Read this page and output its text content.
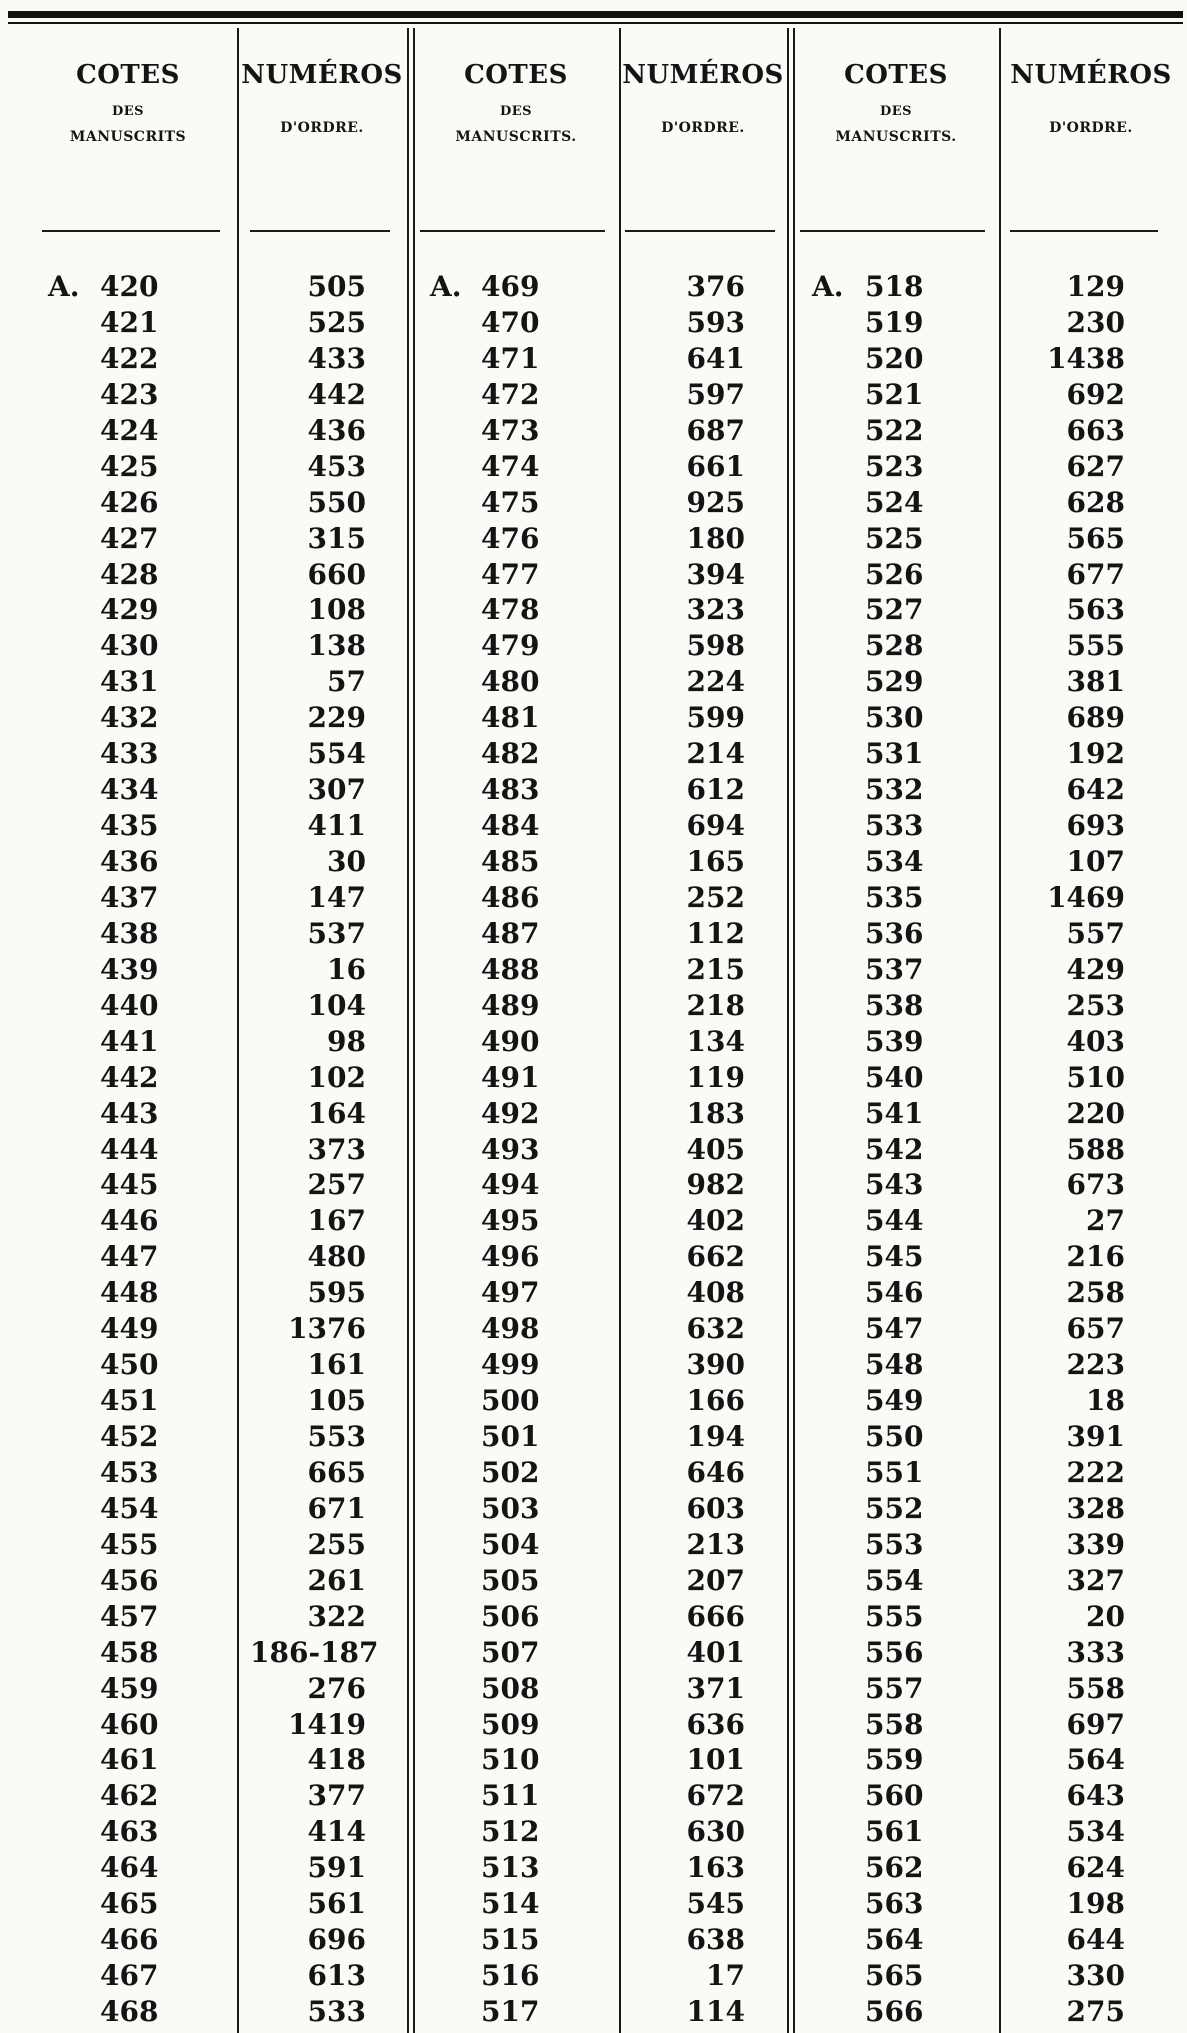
COTES
DES
MANUSCRITS
NUMÉROS
D'ORDRE.
COTES
DES
MANUSCRITS.
NUMÉROS
D'ORDRE.
COTES
DES
MANUSCRITS.
NUMÉROS
D'ORDRE.
A.	A.	A.
420
421
422
423
424
425
426
427
428
429
430
431
432
433
434
435
436
437
438
439
440
441
442
443
444
445
446
447
448
449
450
451
452
453
454
455
456
457
458
459
460
461
462
463
464
465
466
467
468
505
525
433
442
436
453
550
315
660
108
138
57
229
554
307
411
30
147
537
16
104
98
102
164
373
257
167
480
595
1376
161
105
553
665
671
255
261
322
186-187
276
1419
418
377
414
591
561
696
613
533
469
470
471
472
473
474
475
476
477
478
479
480
481
482
483
484
485
486
487
488
489
490
491
492
493
494
495
496
497
498
499
500
501
502
503
504
505
506
507
508
509
510
511
512
513
514
515
516
517
376
593
641
597
687
661
925
180
394
323
598
224
599
214
612
694
165
252
112
215
218
134
119
183
405
982
402
662
408
632
390
166
194
646
603
213
207
666
401
371
636
101
672
630
163
545
638
17
114
518
519
520
521
522
523
524
525
526
527
528
529
530
531
532
533
534
535
536
537
538
539
540
541
542
543
544
545
546
547
548
549
550
551
552
553
554
555
556
557
558
559
560
561
562
563
564
565
566
129
230
1438
692
663
627
628
565
677
563
555
381
689
192
642
693
107
1469
557
429
253
403
510
220
588
673
27
216
258
657
223
18
391
222
328
339
327
20
333
558
697
564
643
534
624
198
644
330
275
